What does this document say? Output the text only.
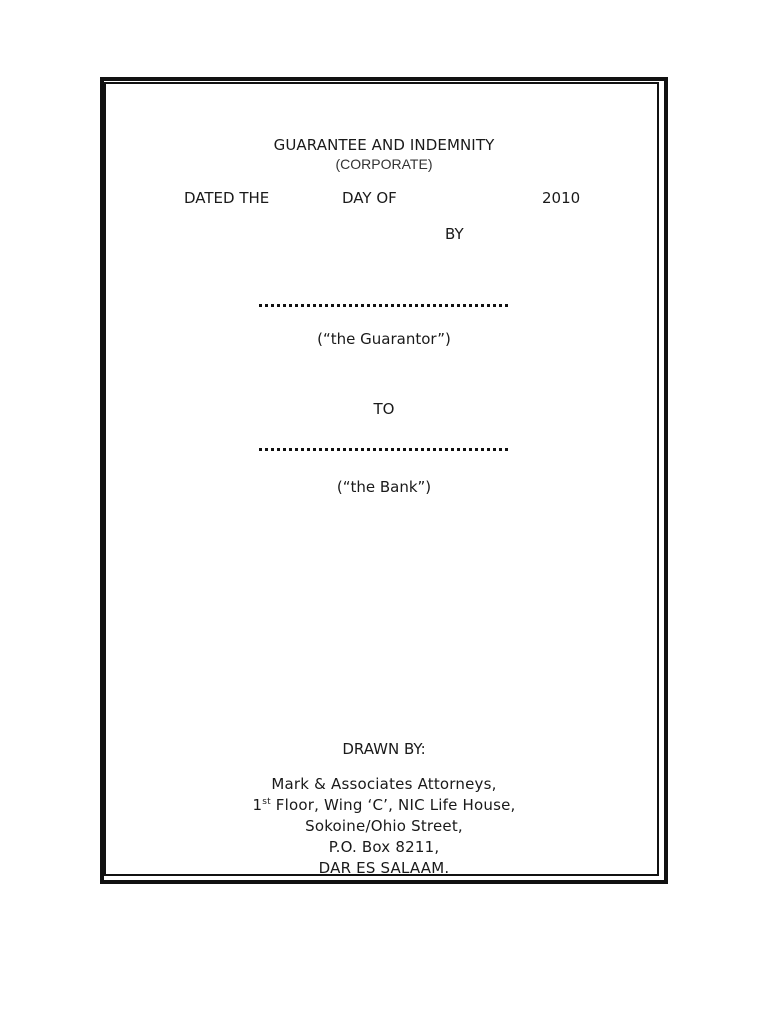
GUARANTEE AND INDEMNITY
(CORPORATE)
DATED THE	DAY OF	2010
BY
(“the Guarantor”)
TO
(“the Bank”)
DRAWN BY:
Mark & Associates Attorneys,
1st Floor, Wing ‘C’, NIC Life House,
Sokoine/Ohio Street,
P.O. Box 8211,
DAR ES SALAAM.
